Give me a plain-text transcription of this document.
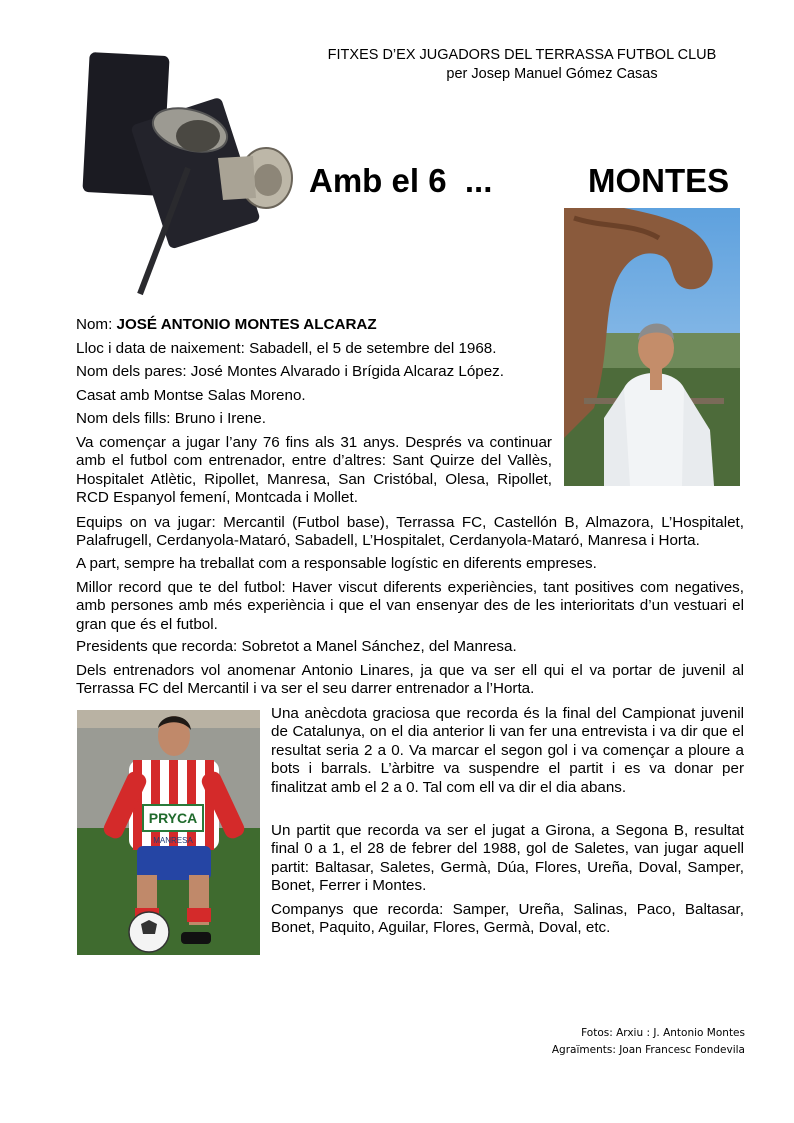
FITXES D’EX JUGADORS DEL TERRASSA FUTBOL CLUB
per Josep Manuel Gómez Casas
Amb el 6  ...	MONTES
PRYCA
MANRESA

Nom: JOSÉ ANTONIO MONTES ALCARAZ

Lloc i data de naixement: Sabadell, el 5 de setembre del 1968.

Nom dels pares: José Montes Alvarado i Brígida Alcaraz López.

Casat amb Montse Salas Moreno.

Nom dels fills: Bruno i Irene.

Va començar a jugar l’any 76 fins als 31 anys. Després va continuar amb el futbol com entrenador, entre d’altres: Sant Quirze del Vallès, Hospitalet Atlètic, Ripollet, Manresa, San Cristóbal, Olesa, Ripollet, RCD Espanyol femení, Montcada i Mollet.

Equips on va jugar: Mercantil (Futbol base), Terrassa FC, Castellón B, Almazora, L’Hospitalet, Palafrugell, Cerdanyola-Mataró, Sabadell, L’Hospitalet, Cerdanyola-Mataró, Manresa i Horta.

A part, sempre ha treballat com a responsable logístic en diferents empreses.

Millor record que te del futbol: Haver viscut diferents experiències, tant positives com negatives, amb persones amb més experiència i que el van ensenyar des de les interioritats d’un vestuari el gran que és el futbol.

Presidents que recorda: Sobretot a Manel Sánchez, del Manresa.

Dels entrenadors vol anomenar Antonio Linares, ja que va ser ell qui el va portar de juvenil al Terrassa FC del Mercantil i va ser el seu darrer entrenador a l’Horta.

Una anècdota graciosa que recorda és la final del Campionat juvenil de Catalunya, on el dia anterior li van fer una entrevista i va dir que el resultat seria 2 a 0. Va marcar el segon gol i va començar a ploure a bots i barrals. L’àrbitre va suspendre el partit i es va donar per finalitzat amb el 2 a 0. Tal com ell va dir el dia abans.

Un partit que recorda va ser el jugat a Girona, a Segona B, resultat final 0 a 1, el 28 de febrer del 1988, gol de Saletes, van jugar aquell partit: Baltasar, Saletes, Germà, Dúa, Flores, Ureña, Doval, Samper, Bonet, Ferrer i Montes.

Companys que recorda: Samper, Ureña, Salinas, Paco, Baltasar, Bonet, Paquito, Aguilar, Flores, Germà, Doval, etc.

Fotos: Arxiu : J. Antonio Montes
Agraïments: Joan Francesc Fondevila
